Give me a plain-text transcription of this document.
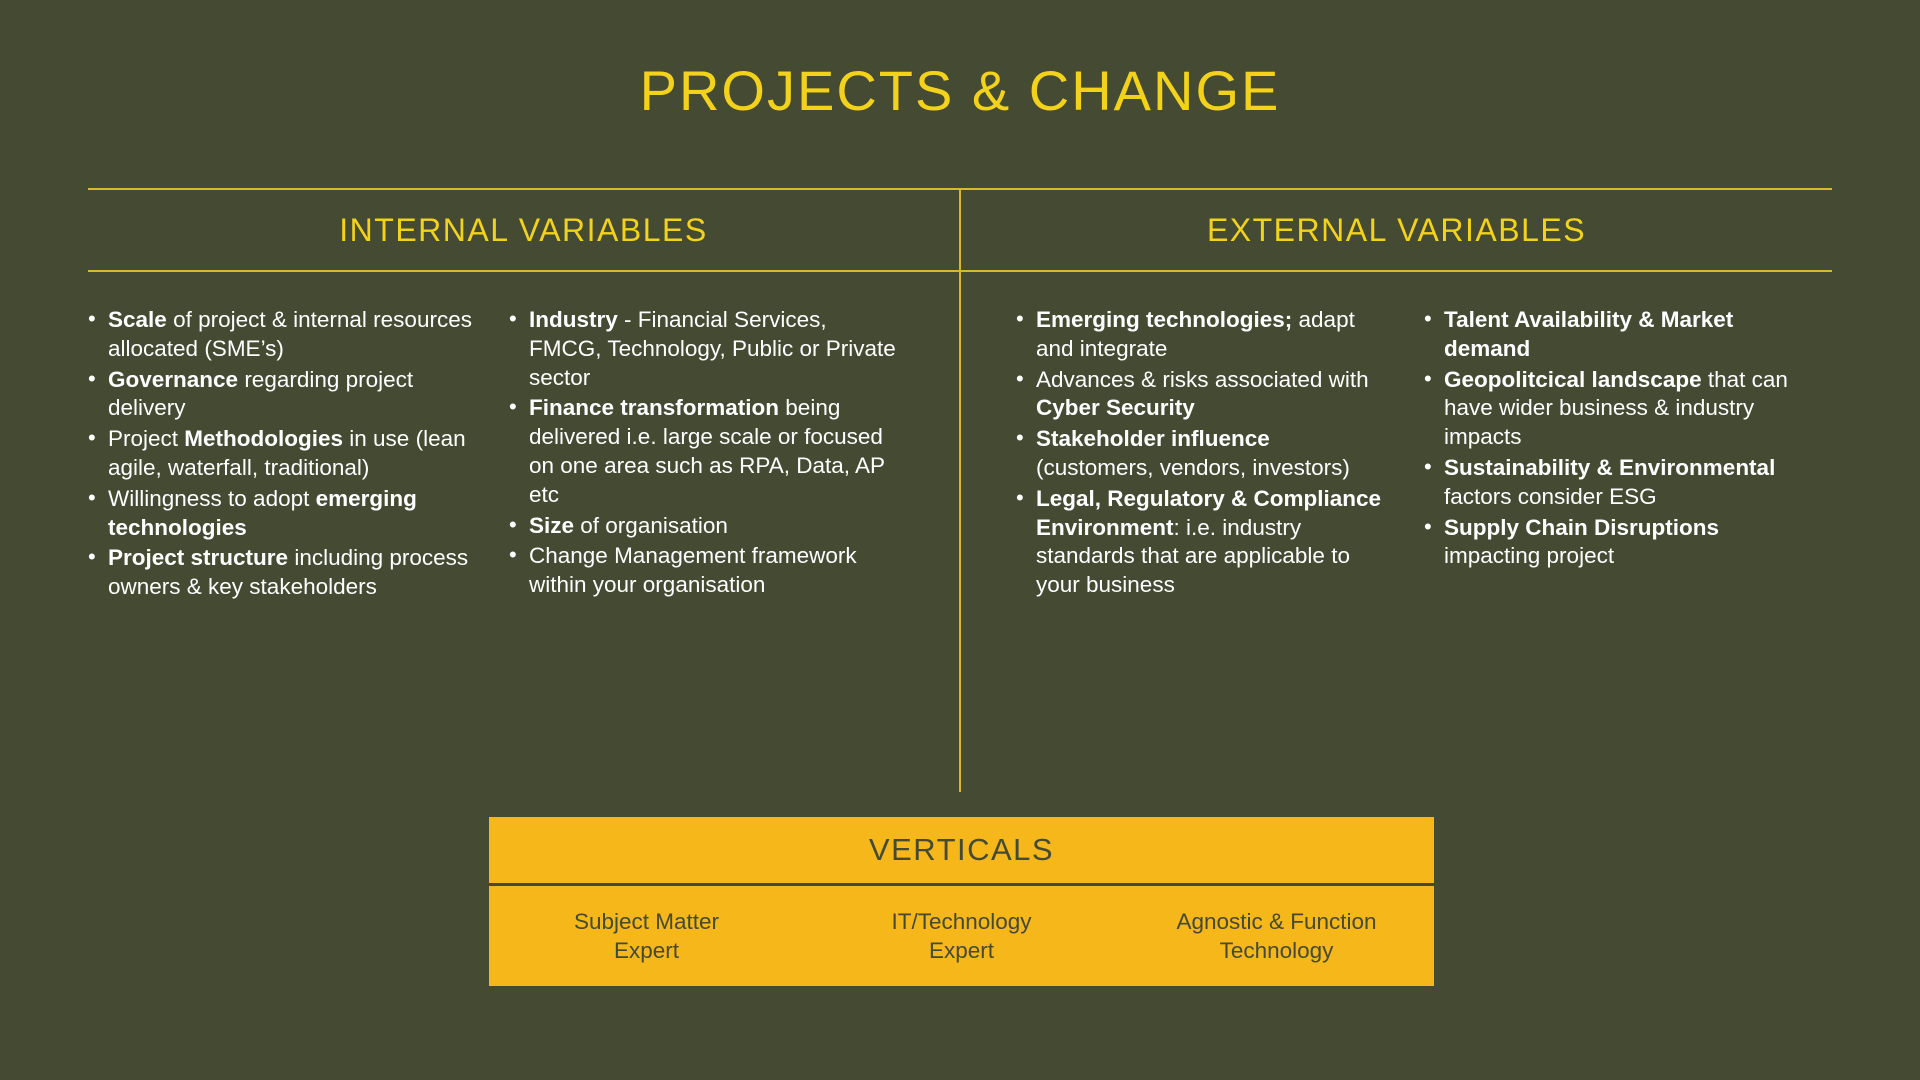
PROJECTS & CHANGE
INTERNAL VARIABLES	EXTERNAL VARIABLES
• Scale of project & internal resources allocated (SME’s)
• Governance regarding project delivery
• Project Methodologies in use (lean agile, waterfall, traditional)
• Willingness to adopt emerging technologies
• Project structure including process owners & key stakeholders
• Industry - Financial Services, FMCG, Technology, Public or Private sector
• Finance transformation being delivered i.e. large scale or focused on one area such as RPA, Data, AP etc
• Size of organisation
• Change Management framework within your organisation
• Emerging technologies; adapt and integrate
• Advances & risks associated with Cyber Security
• Stakeholder influence (customers, vendors, investors)
• Legal, Regulatory & Compliance Environment: i.e. industry standards that are applicable to your business
• Talent Availability & Market demand
• Geopolitcical landscape that can have wider business & industry impacts
• Sustainability & Environmental factors consider ESG
• Supply Chain Disruptions impacting project
VERTICALS
Subject Matter
Expert
IT/Technology
Expert
Agnostic & Function
Technology
